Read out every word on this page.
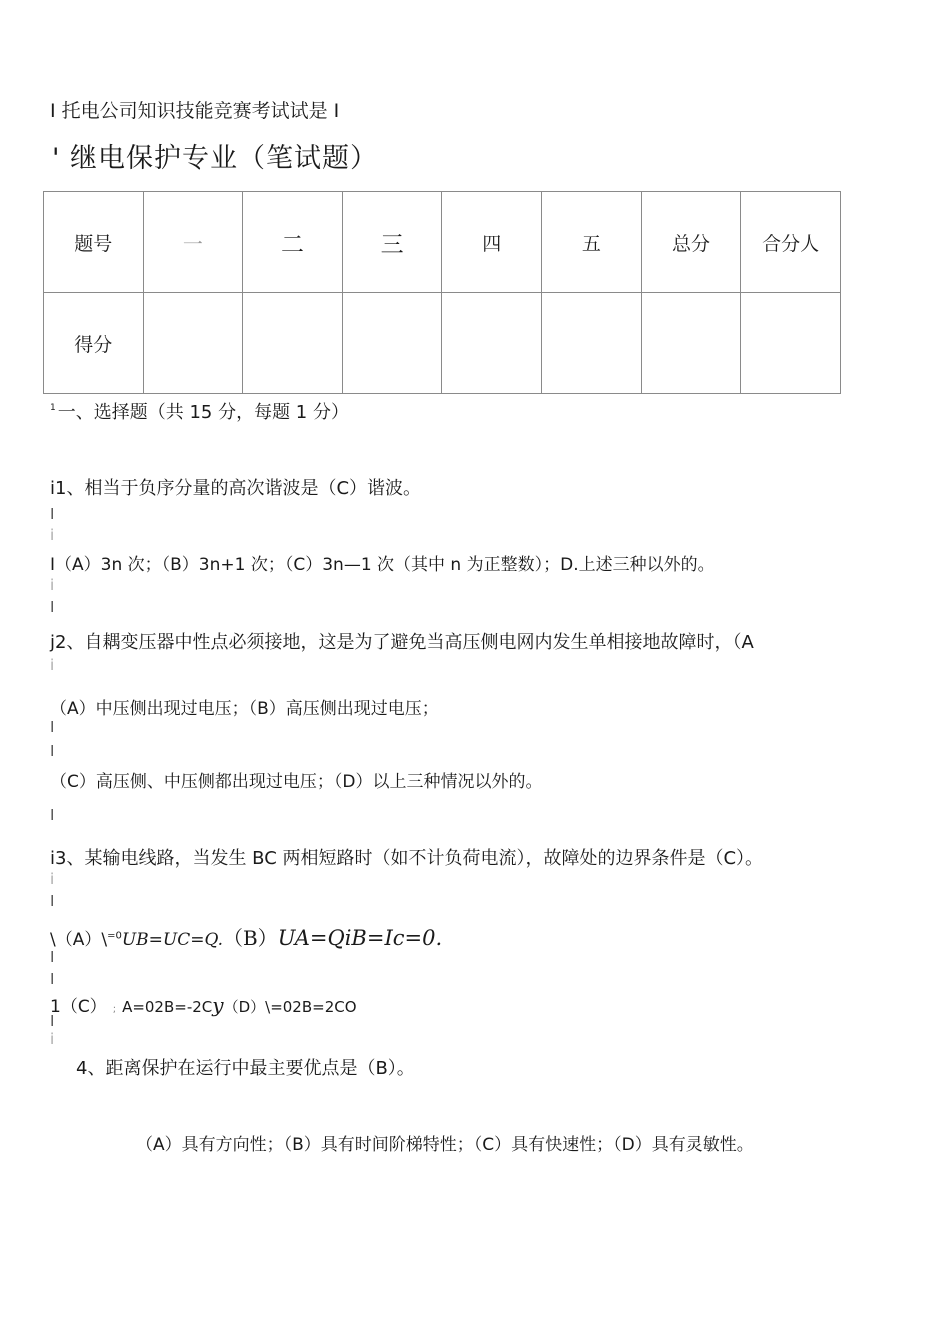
I 托电公司知识技能竞赛考试试是 I
' 继电保护专业（笔试题）
题号	一	二	三	四	五	总分	合分人
得分							
$^1$ 一、选择题（共 15 分，每题 1 分）
i1、相当于负序分量的高次谐波是（C）谐波。
I
i
I（A）3n 次；（B）3n+1 次；（C）3n—1 次（其中 n 为正整数）；D.上述三种以外的。
i
I
j2、自耦变压器中性点必须接地，这是为了避免当高压侧电网内发生单相接地故障时，（A
i
（A）中压侧出现过电压；（B）高压侧出现过电压；
I
I
（C）高压侧、中压侧都出现过电压；（D）以上三种情况以外的。
I
i3、某输电线路，当发生 BC 两相短路时（如不计负荷电流），故障处的边界条件是（C）。
i
I
\（A）\$^{=0}$UB=UC=Q.（B）UA=QiB=Ic=0.
I
I
1（C） ; A=02B=-2Cy（D）\=02B=2CO
I
i
4、距离保护在运行中最主要优点是（B）。
（A）具有方向性；（B）具有时间阶梯特性；（C）具有快速性；（D）具有灵敏性。
